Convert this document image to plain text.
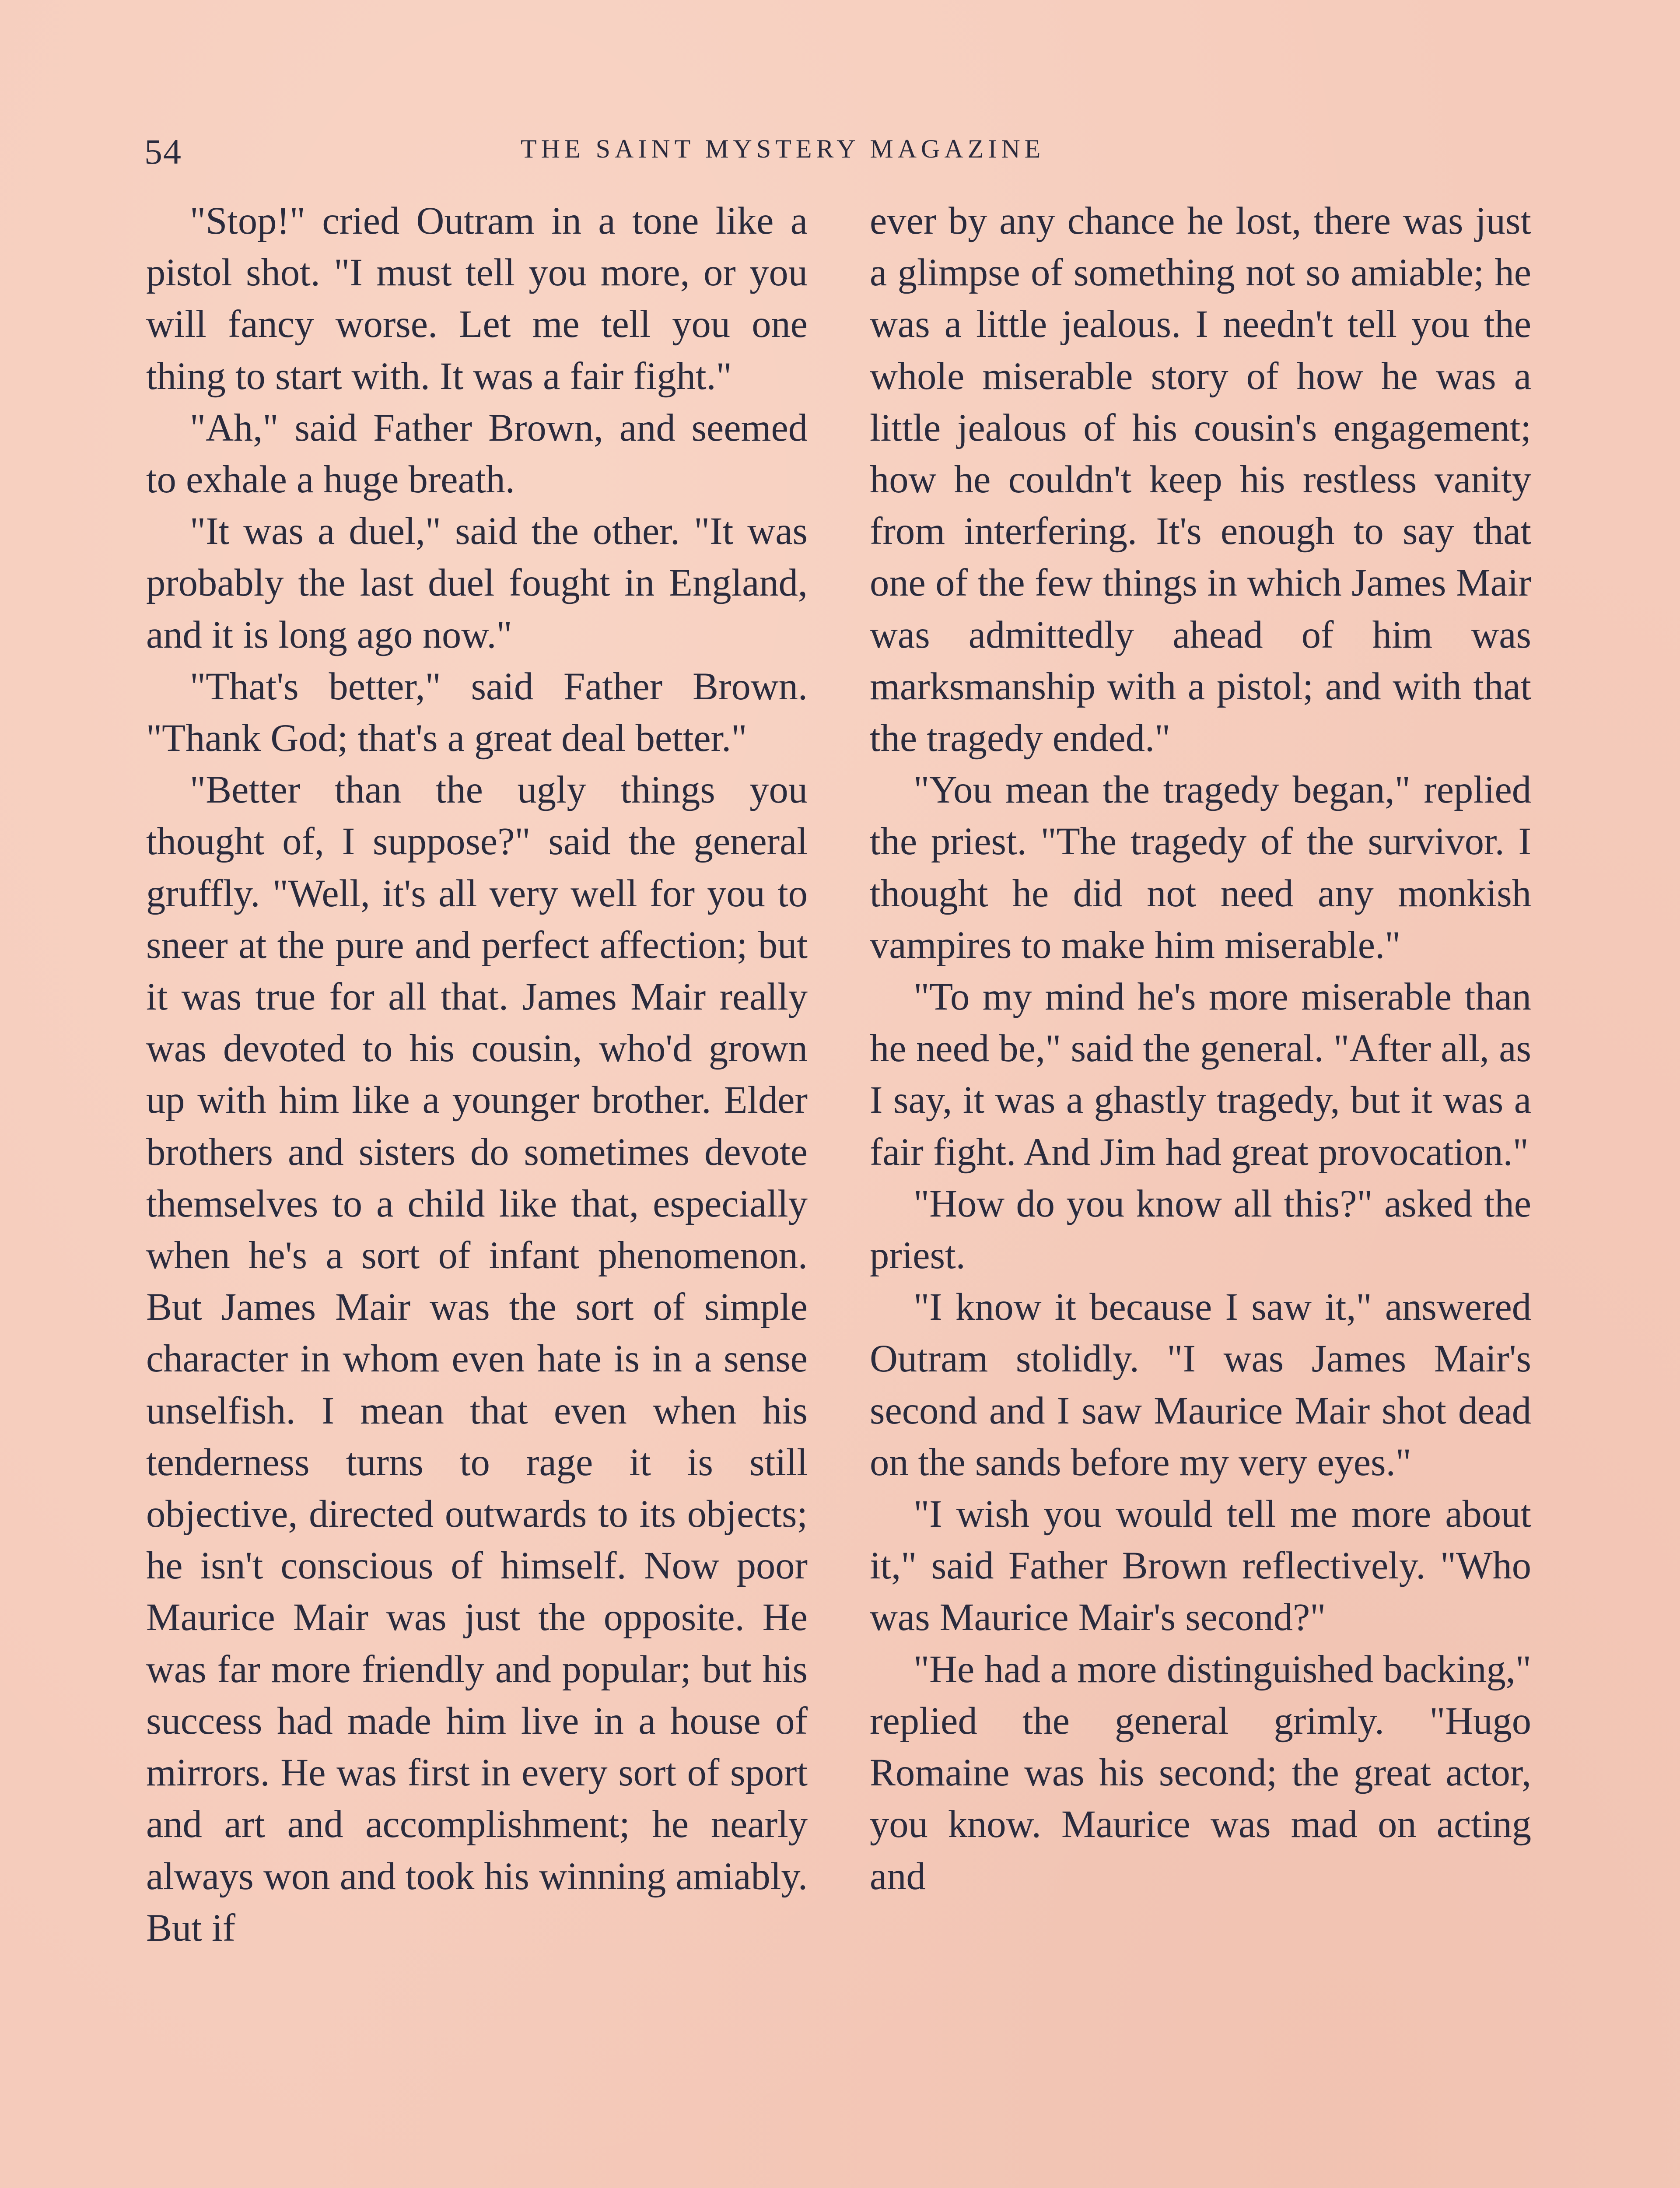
54	THE SAINT MYSTERY MAGAZINE

"Stop!" cried Outram in a tone like a pistol shot. "I must tell you more, or you will fancy worse. Let me tell you one thing to start with. It was a fair fight."

"Ah," said Father Brown, and seemed to exhale a huge breath.

"It was a duel," said the other. "It was probably the last duel fought in England, and it is long ago now."

"That's better," said Father Brown. "Thank God; that's a great deal better."

"Better than the ugly things you thought of, I suppose?" said the general gruffly. "Well, it's all very well for you to sneer at the pure and perfect affection; but it was true for all that. James Mair really was devoted to his cousin, who'd grown up with him like a younger brother. Elder brothers and sisters do sometimes devote themselves to a child like that, especially when he's a sort of infant phenomenon. But James Mair was the sort of simple character in whom even hate is in a sense unselfish. I mean that even when his tenderness turns to rage it is still objective, directed outwards to its objects; he isn't conscious of himself. Now poor Maurice Mair was just the opposite. He was far more friendly and popular; but his success had made him live in a house of mirrors. He was first in every sort of sport and art and accomplishment; he nearly always won and took his winning amiably. But if

ever by any chance he lost, there was just a glimpse of something not so amiable; he was a little jealous. I needn't tell you the whole miserable story of how he was a little jealous of his cousin's engagement; how he couldn't keep his restless vanity from interfering. It's enough to say that one of the few things in which James Mair was admittedly ahead of him was marksmanship with a pistol; and with that the tragedy ended."

"You mean the tragedy began," replied the priest. "The tragedy of the survivor. I thought he did not need any monkish vampires to make him miserable."

"To my mind he's more miserable than he need be," said the general. "After all, as I say, it was a ghastly tragedy, but it was a fair fight. And Jim had great provocation."

"How do you know all this?" asked the priest.

"I know it because I saw it," answered Outram stolidly. "I was James Mair's second and I saw Maurice Mair shot dead on the sands before my very eyes."

"I wish you would tell me more about it," said Father Brown reflectively. "Who was Maurice Mair's second?"

"He had a more distinguished backing," replied the general grimly. "Hugo Romaine was his second; the great actor, you know. Maurice was mad on acting and
